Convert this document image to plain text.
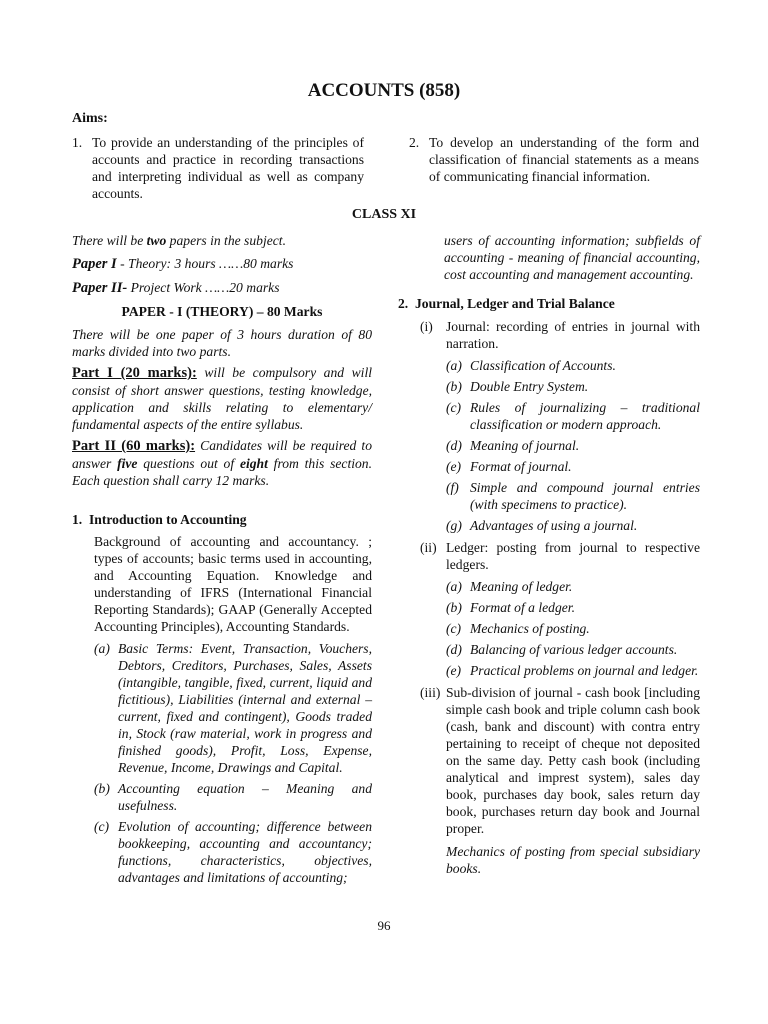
ACCOUNTS (858)
Aims:
1. To provide an understanding of the principles of accounts and practice in recording transactions and interpreting individual as well as company accounts.
2. To develop an understanding of the form and classification of financial statements as a means of communicating financial information.
CLASS XI

There will be two papers in the subject.

Paper I - Theory: 3 hours ……80 marks

Paper II- Project Work ……20 marks

PAPER - I (THEORY) – 80 Marks

There will be one paper of 3 hours duration of 80 marks divided into two parts.

Part I (20 marks): will be compulsory and will consist of short answer questions, testing knowledge, application and skills relating to elementary/ fundamental aspects of the entire syllabus.

Part II (60 marks): Candidates will be required to answer five questions out of eight from this section. Each question shall carry 12 marks.

1. Introduction to Accounting

Background of accounting and accountancy. ; types of accounts; basic terms used in accounting, and Accounting Equation. Knowledge and understanding of IFRS (International Financial Reporting Standards); GAAP (Generally Accepted Accounting Principles), Accounting Standards.

(a) Basic Terms: Event, Transaction, Vouchers, Debtors, Creditors, Purchases, Sales, Assets (intangible, tangible, fixed, current, liquid and fictitious), Liabilities (internal and external – current, fixed and contingent), Goods traded in, Stock (raw material, work in progress and finished goods), Profit, Loss, Expense, Revenue, Income, Drawings and Capital.
(b) Accounting equation – Meaning and usefulness.
(c) Evolution of accounting; difference between bookkeeping, accounting and accountancy; functions, characteristics, objectives, advantages and limitations of accounting;

users of accounting information; subfields of accounting - meaning of financial accounting, cost accounting and management accounting.

2. Journal, Ledger and Trial Balance

(i) Journal: recording of entries in journal with narration.
(a) Classification of Accounts.
(b) Double Entry System.
(c) Rules of journalizing – traditional classification or modern approach.
(d) Meaning of journal.
(e) Format of journal.
(f) Simple and compound journal entries (with specimens to practice).
(g) Advantages of using a journal.
(ii) Ledger: posting from journal to respective ledgers.
(a) Meaning of ledger.
(b) Format of a ledger.
(c) Mechanics of posting.
(d) Balancing of various ledger accounts.
(e) Practical problems on journal and ledger.
(iii) Sub-division of journal - cash book [including simple cash book and triple column cash book (cash, bank and discount) with contra entry pertaining to receipt of cheque not deposited on the same day. Petty cash book (including analytical and imprest system), sales day book, purchases day book, sales return day book, purchases return day book and Journal proper.

Mechanics of posting from special subsidiary books.

96
